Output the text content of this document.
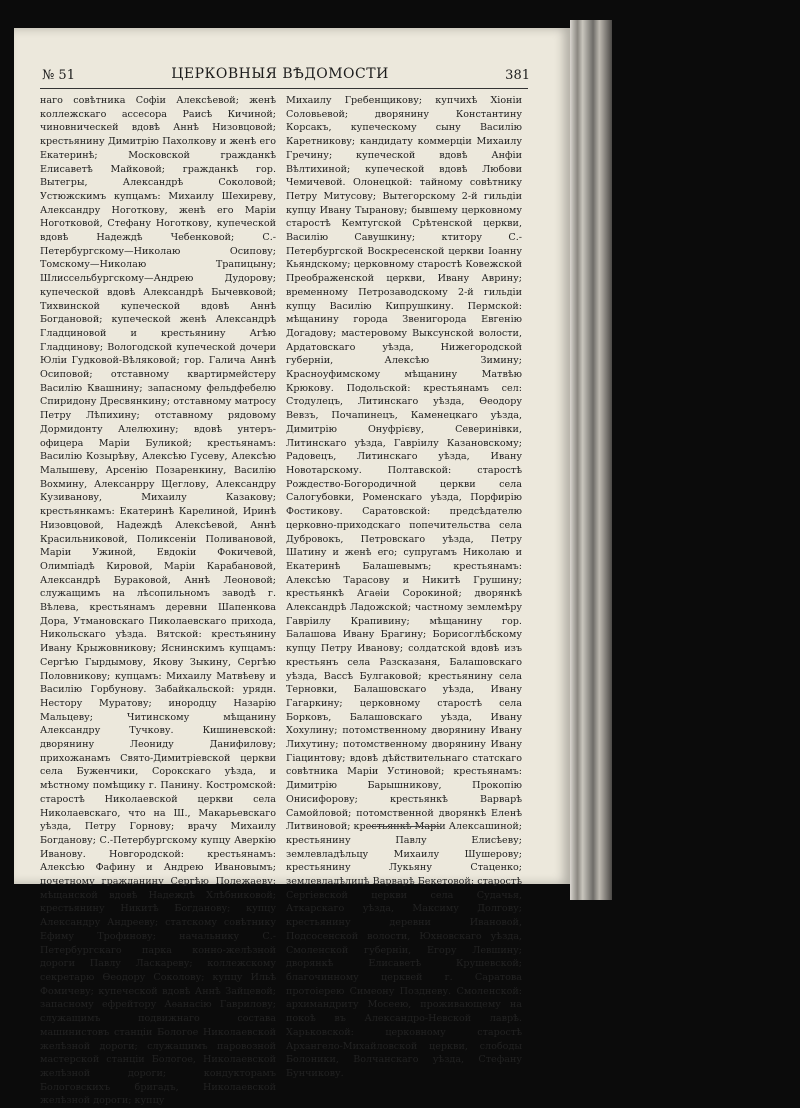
№ 51	ЦЕРКОВНЫЯ ВѢДОМОСТИ	381

нагo совѣтника Софіи Алексѣевой; женѣ коллежскаго ассесора Раисѣ Кичиной; чиновническей вдовѣ Аннѣ Низовцовой; крестьянину Димитрію Пахолкову и женѣ его Екатеринѣ; Московской гражданкѣ Елисаветѣ Майковой; гражданкѣ гор. Вытегры, Александрѣ Соколовой; Устюжскимъ купцамъ: Михаилу Шехиреву, Александру Ноготкову, женѣ его Маріи Ноготковой, Стефану Ноготкову, купеческой вдовѣ Надеждѣ Чебенковой; С.-Петербургскому—Николаю Осипову; Томскому—Николаю Трапицыну; Шлиссельбургскому—Андрею Дудорову; купеческой вдовѣ Александрѣ Бычевковой; Тихвинской купеческой вдовѣ Аннѣ Богдановой; купеческой женѣ Александрѣ Гладциновой и крестьянину Агѣю Гладцинову; Вологодской купеческой дочери Юліи Гудковой-Вѣляковой; гор. Галича Аннѣ Осиповой; отставному квартирмейстеру Василію Квашнину; запасному фельдфебелю Спиридону Дресвянкину; отставному матросу Петру Лѣпихину; отставному рядовому Дормидонту Алелюхину; вдовѣ унтеръ-офицера Маріи Буликой; крестьянамъ: Василію Козырѣву, Алексѣю Гусеву, Алексѣю Малышеву, Арсенію Позаренкину, Василію Вохмину, Алексанрру Щеглову, Александру Кузиванову, Михаилу Казакову; крестьянкамъ: Екатеринѣ Карелиной, Иринѣ Низовцовой, Надеждѣ Алексѣевой, Аннѣ Красильниковой, Поликсеніи Поливановой, Маріи Ужиной, Евдокіи Фокичевой, Олимпіадѣ Кировой, Маріи Карабановой, Александрѣ Бураковой, Аннѣ Леоновой; служащимъ на лѣсопильномъ заводѣ г. Вѣлева, крестьянамъ деревни Шапенкова Дора, Утмановскаго Пиколаевскаго прихода, Никольскаго уѣзда. Вятской: крестьянину Ивану Крыжовникову; Яснинскимъ купцамъ: Сергѣю Гырдымову, Якову Зыкину, Сергѣю Половникову; купцамъ: Михаилу Матвѣеву и Василію Горбунову. Забайкальской: урядн. Нестору Муратову; инородцу Назарію Мальцеву; Читинскому мѣщанину Александру Тучкову. Кишиневской: дворянину Леониду Данифилову; прихожанамъ Свято-Димитріевской церкви села Буженчики, Сорокскаго уѣзда, и мѣстному помѣщику г. Панину. Костромской: старостѣ Николаевской церкви села Николаевскаго, что на Ш., Макарьевскаго уѣзда, Петру Горнову; врачу Михаилу Богданову; С.-Петербургскому купцу Аверкію Иванову. Новгородской: крестьянамъ: Алексѣю Фафину и Андрею Ивановымъ; почетному гражданину Сергѣю Полежаеву; мѣщанской вдовѣ Надеждѣ Хлѣбниковой; крестьянину Никитѣ Богданову; купцу Александру Андреевy; статскому совѣтнику Ефиму Трофинову; начальнику С.-Петербургскаго парка конно-желѣзной дороги Павлу Ласкареву; коллежскому секретарю Ѳеодору Соколову; купцу Ильѣ Фомичеву; купеческой вдовѣ Аннѣ Зайцевой; запасному ефрейтору Аѳанасію Гаврилову; служащимъ подвижнаго состава машинистовъ станціи Бологое Николаевской желѣзной дороги; служащимъ паровозной мастерской станціи Бологое, Николаевской желѣзной дороги; кондукторамъ Бологовскихъ бригадъ, Николаевской желѣзной дороги; купцу

Михаилу Гребенщикову; купчихѣ Хіоніи Соловьевой; дворянину Константину Корсакъ, купеческому сыну Василію Каретникову; кандидату коммерціи Михаилу Гречину; купеческой вдовѣ Анфіи Вѣлтихиной; купеческой вдовѣ Любови Чемичевой. Олонецкой: тайному совѣтнику Петру Митусову; Вытегорскому 2-й гильдіи купцу Ивану Тыранову; бывшему церковному старостѣ Кемтугской Срѣтенской церкви, Василію Савушкину; ктитору С.-Петербургской Воскресенской церкви Іоанну Кьяндскому; церковному старостѣ Ковежской Преображенской церкви, Ивану Аврину; временному Петрозаводскому 2-й гильдіи купцу Василію Кипрушкину. Пермской: мѣщанину города Звенигорода Евгенію Догадову; мастеровому Выксунской волости, Ардатовскаго уѣзда, Нижегородской губерніи, Алексѣю Зимину; Красноуфимскому мѣщанину Матвѣю Крюкову. Подольской: крестьянамъ сел: Стодулецъ, Литинскаго уѣзда, Ѳеодору Вевзъ, Почапинецъ, Каменецкаго уѣзда, Димитрію Онуфрієву, Северинівки, Литинскаго уѣзда, Гавріилу Казановскому; Радовецъ, Литинскаго уѣзда, Ивану Новотарскому. Полтавской: старостѣ Рождество-Богородичной церкви села Салогубовки, Роменскаго уѣзда, Порфирію Фостикову. Саратовской: предсѣдателю церковно-приходскаго попечительства села Дубровокъ, Петровскаго уѣзда, Петру Шатину и женѣ его; супругамъ Николаю и Екатеринѣ Балашевымъ; крестьянамъ: Алексѣю Тарасову и Никитѣ Грушину; крестьянкѣ Агаѳіи Сорокиной; дворянкѣ Александрѣ Ладожской; частному землемѣру Гавріилу Крапивину; мѣщанину гор. Балашова Ивану Брагину; Борисоглѣбскому купцу Петру Иванову; солдатской вдовѣ изъ крестьянъ села Разсказаня, Балашовскаго уѣзда, Вассѣ Булгаковой; крестьянину села Терновки, Балашовскаго уѣзда, Ивану Гагаркину; церковному старостѣ села Борковъ, Балашовскаго уѣзда, Ивану Хохулину; потомственному дворянину Ивану Лихутину; потомственному дворянину Ивану Гіацинтову; вдовѣ дѣйствительнаго статскаго совѣтника Маріи Устиновой; крестьянамъ: Димитрію Барышникову, Прокопію Онисифорову; крестьянкѣ Варварѣ Самойловой; потомственной дворянкѣ Еленѣ Литвиновой; крестьянкѣ Маріи Алексашиной; крестьянину Павлу Елисѣеву; землевладѣльцу Михаилу Шушерову; крестьянину Лукьяну Стаценко; землевладѣлицѣ Варварѣ Бекетовой; старостѣ Сергіевской церкви села Судачья, Аткарскаго уѣзда, Максиму Долгову; крестьянину деревни Ивановой, Подсосенской волости, Юхновскаго уѣзда, Смоленской губерніи, Егору Левшину; дворянкѣ Елисаветѣ Крушевской; благочинному церквей г. Саратова протоіерею Симеону Поздневу. Смоленской: архимандриту Мосеею, проживающему на покоѣ въ Александро-Невской лаврѣ. Харьковской: церковному старостѣ Архангело-Михайловской церкви, слободы Болоники, Волчанскаго уѣзда, Стефану Бунчикову.
